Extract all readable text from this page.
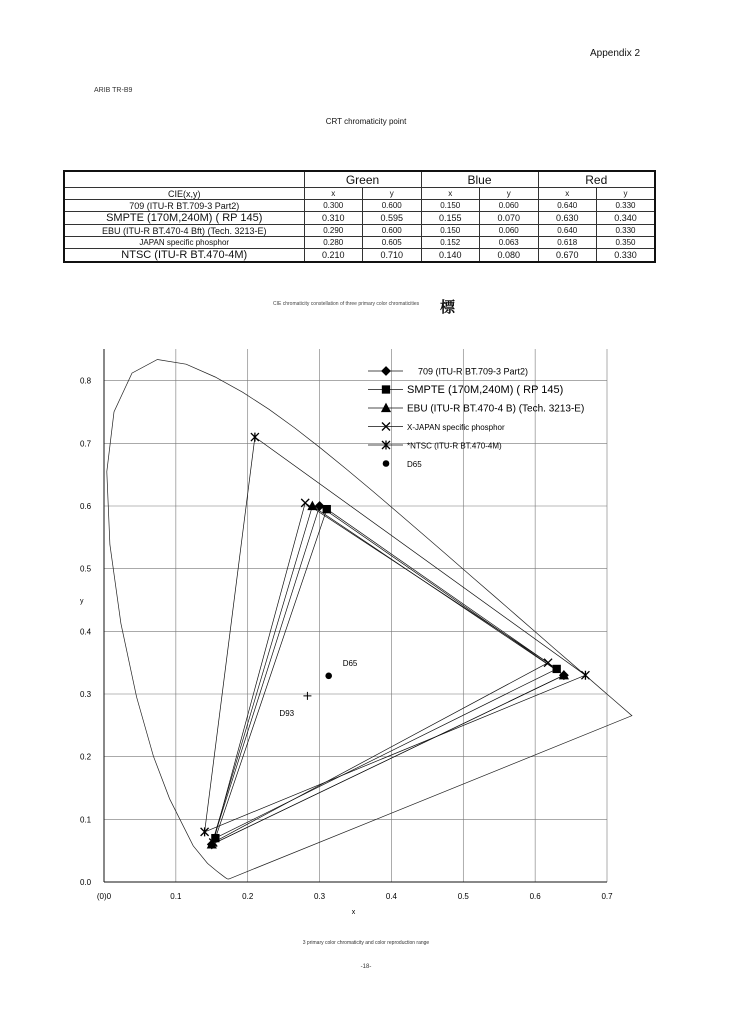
Appendix 2
ARIB TR-B9
CRT chromaticity point
	Green		Blue		Red	
CIE(x,y)	x	y	x	y	x	y
709 (ITU-R BT.709-3 Part2)	0.300	0.600	0.150	0.060	0.640	0.330
SMPTE (170M,240M) ( RP 145)	0.310	0.595	0.155	0.070	0.630	0.340
EBU (ITU-R BT.470-4 Bft) (Tech. 3213-E)	0.290	0.600	0.150	0.060	0.640	0.330
JAPAN specific phosphor	0.280	0.605	0.152	0.063	0.618	0.350
NTSC (ITU-R BT.470-4M)	0.210	0.710	0.140	0.080	0.670	0.330
CIE chromaticity constellation of three primary color chromaticities 標
D65
D93
(0)0	0.1	0.2	0.3	0.4	0.5	0.6	0.7
0.0
0.1
0.2
0.3
0.4
0.5
0.6
0.7
0.8
x
y
709 (ITU-R BT.709-3 Part2)
SMPTE (170M,240M) ( RP 145)
EBU (ITU-R BT.470-4 B) (Tech. 3213-E)
X-JAPAN specific phosphor
*NTSC (ITU-R BT.470-4M)
D65
3 primary color chromaticity and color reproduction range
-18-
